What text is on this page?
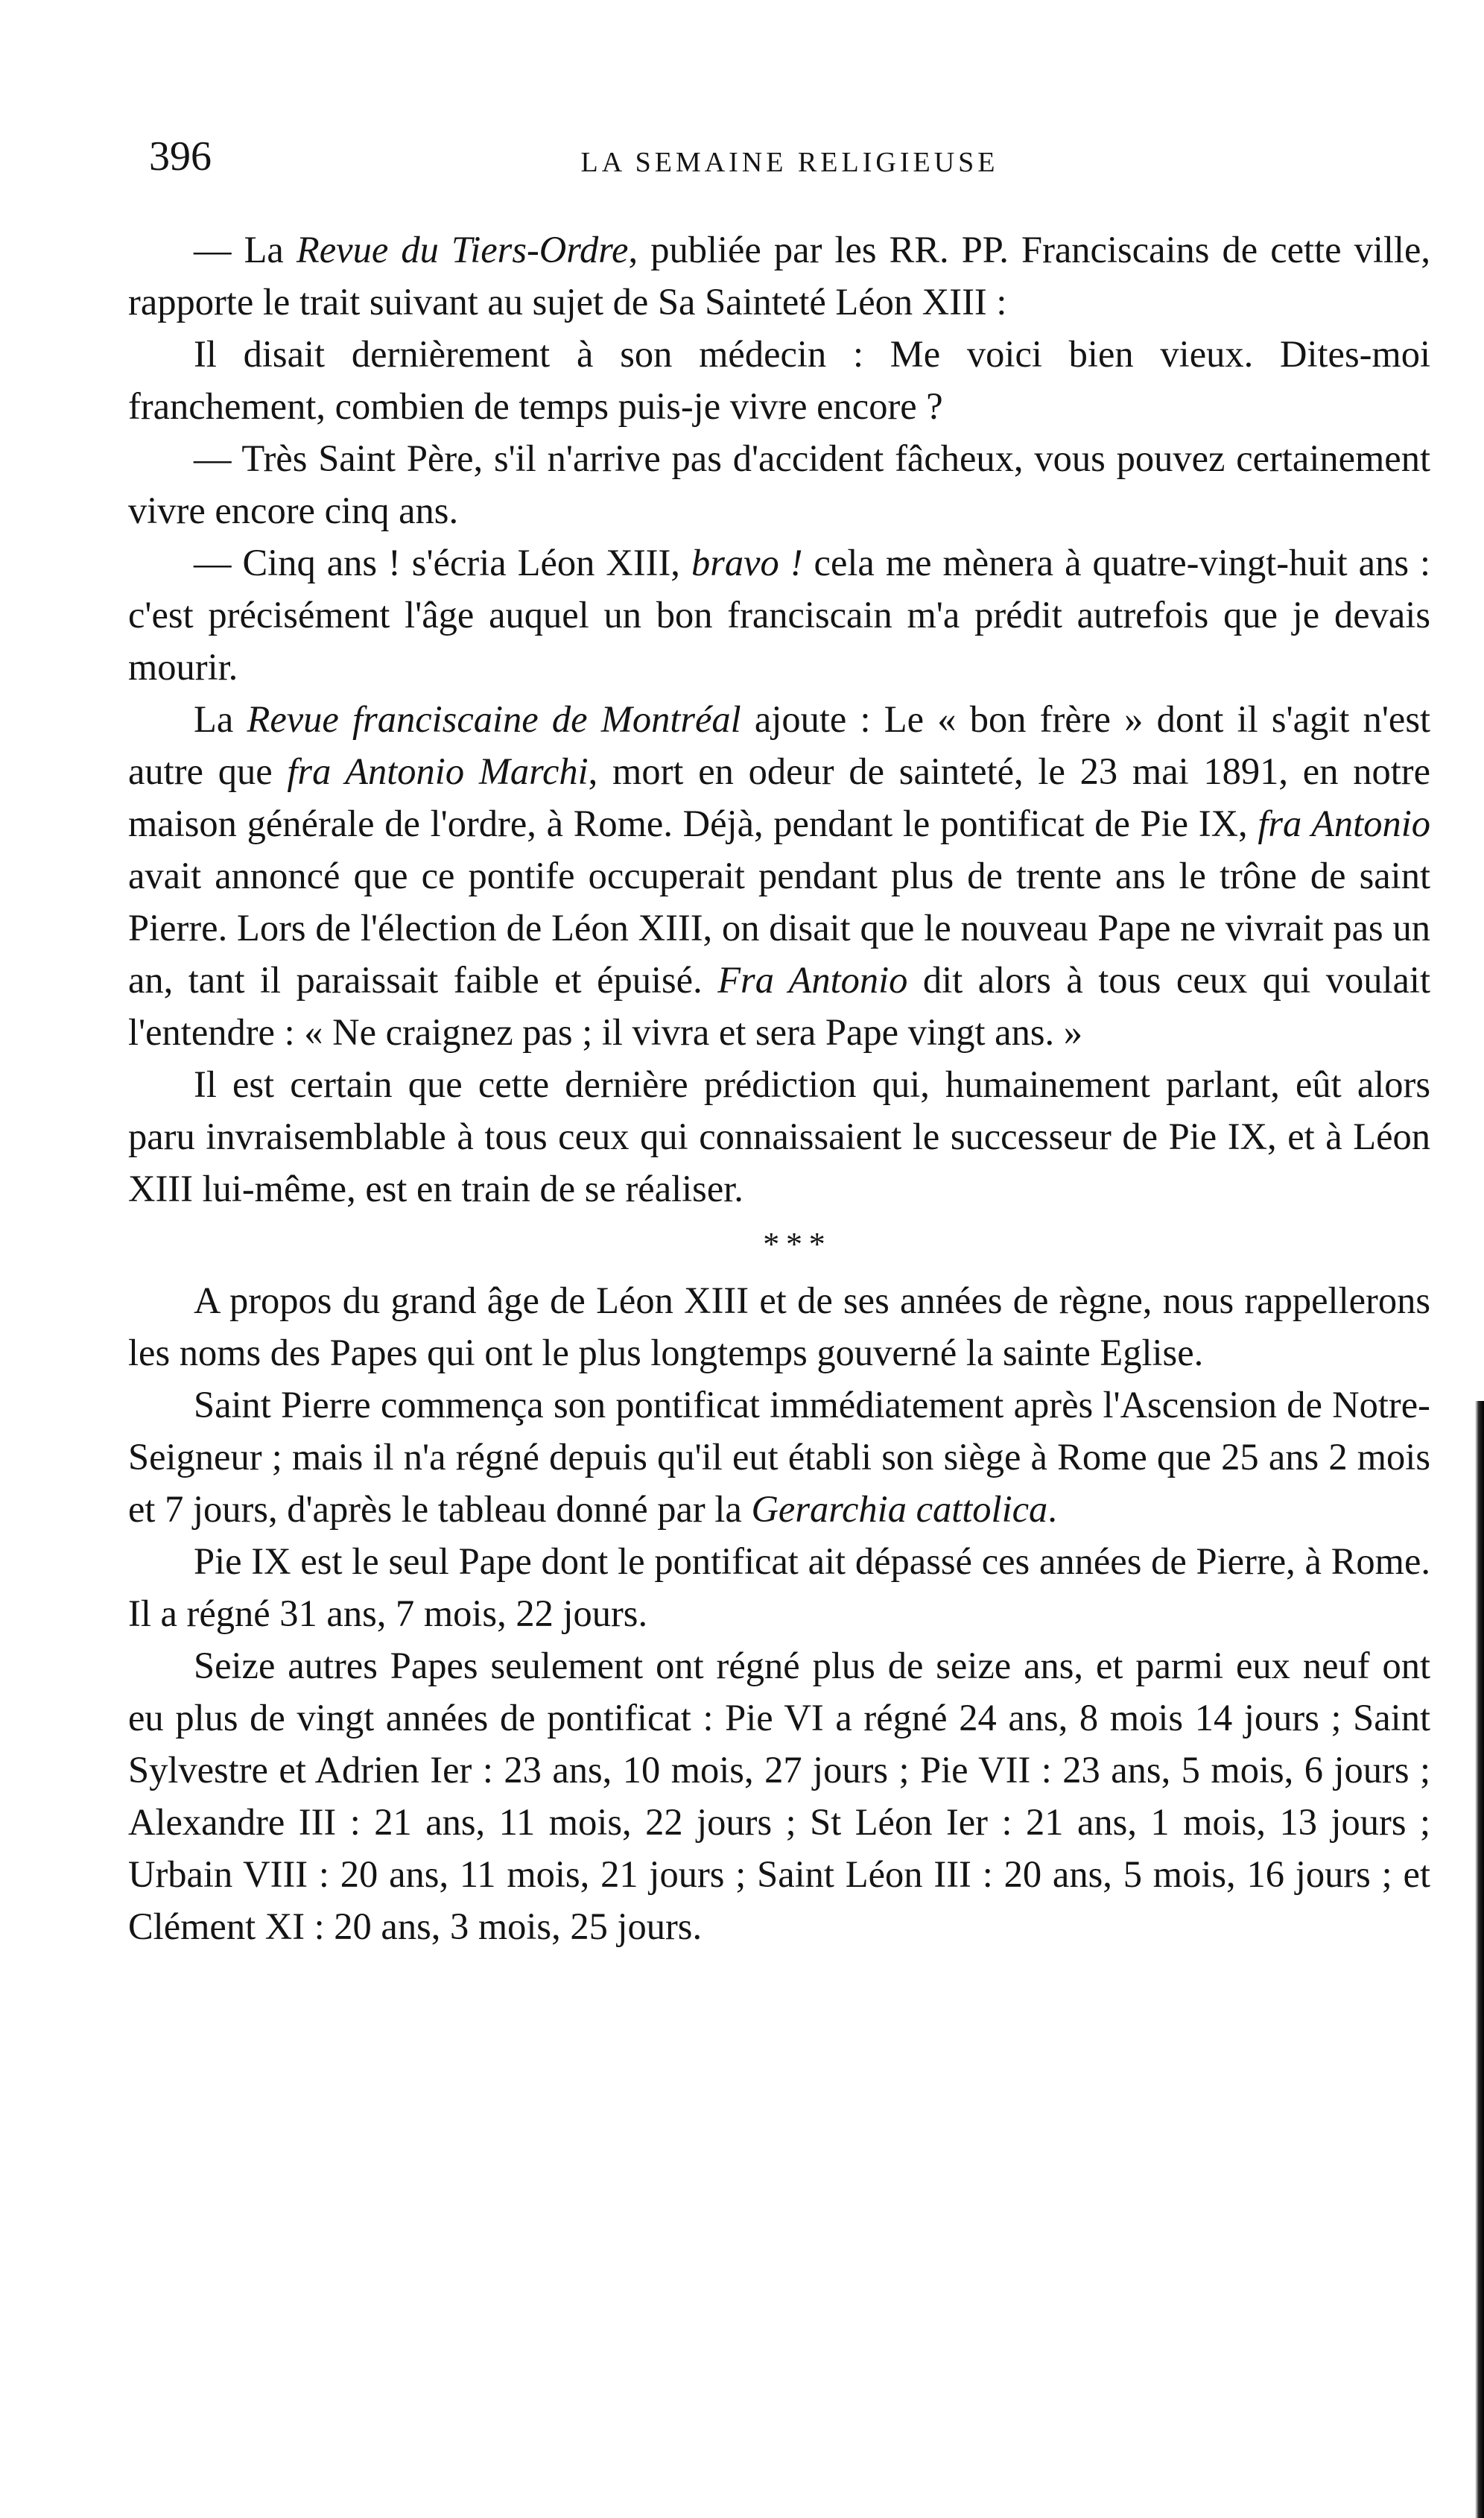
396	LA SEMAINE RELIGIEUSE

— La Revue du Tiers-Ordre, publiée par les RR. PP. Franciscains de cette ville, rapporte le trait suivant au sujet de Sa Sainteté Léon XIII :

Il disait dernièrement à son médecin : Me voici bien vieux. Dites-moi franchement, combien de temps puis-je vivre encore ?

— Très Saint Père, s'il n'arrive pas d'accident fâcheux, vous pouvez certainement vivre encore cinq ans.

— Cinq ans ! s'écria Léon XIII, bravo ! cela me mènera à quatre-vingt-huit ans : c'est précisément l'âge auquel un bon franciscain m'a prédit autrefois que je devais mourir.

La Revue franciscaine de Montréal ajoute : Le « bon frère » dont il s'agit n'est autre que fra Antonio Marchi, mort en odeur de sainteté, le 23 mai 1891, en notre maison générale de l'ordre, à Rome. Déjà, pendant le pontificat de Pie IX, fra Antonio avait annoncé que ce pontife occuperait pendant plus de trente ans le trône de saint Pierre. Lors de l'élection de Léon XIII, on disait que le nouveau Pape ne vivrait pas un an, tant il paraissait faible et épuisé. Fra Antonio dit alors à tous ceux qui voulait l'entendre : « Ne craignez pas ; il vivra et sera Pape vingt ans. »

Il est certain que cette dernière prédiction qui, humainement parlant, eût alors paru invraisemblable à tous ceux qui connaissaient le successeur de Pie IX, et à Léon XIII lui-même, est en train de se réaliser.

* * *

A propos du grand âge de Léon XIII et de ses années de règne, nous rappellerons les noms des Papes qui ont le plus longtemps gouverné la sainte Eglise.

Saint Pierre commença son pontificat immédiatement après l'Ascension de Notre-Seigneur ; mais il n'a régné depuis qu'il eut établi son siège à Rome que 25 ans 2 mois et 7 jours, d'après le tableau donné par la Gerarchia cattolica.

Pie IX est le seul Pape dont le pontificat ait dépassé ces années de Pierre, à Rome. Il a régné 31 ans, 7 mois, 22 jours.

Seize autres Papes seulement ont régné plus de seize ans, et parmi eux neuf ont eu plus de vingt années de pontificat : Pie VI a régné 24 ans, 8 mois 14 jours ; Saint Sylvestre et Adrien Ier : 23 ans, 10 mois, 27 jours ; Pie VII : 23 ans, 5 mois, 6 jours ; Alexandre III : 21 ans, 11 mois, 22 jours ; St Léon Ier : 21 ans, 1 mois, 13 jours ; Urbain VIII : 20 ans, 11 mois, 21 jours ; Saint Léon III : 20 ans, 5 mois, 16 jours ; et Clément XI : 20 ans, 3 mois, 25 jours.
